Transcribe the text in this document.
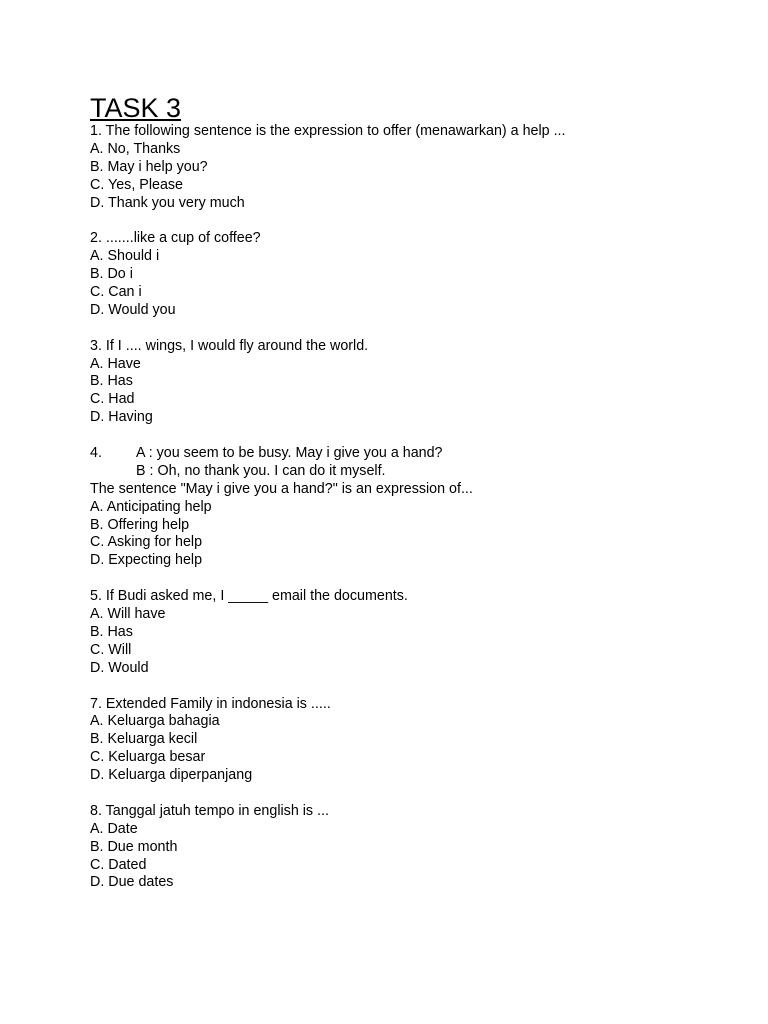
TASK 3

1. The following sentence is the expression to offer (menawarkan) a help ...

A. No, Thanks

B. May i help you?

C. Yes, Please

D. Thank you very much

2. .......like a cup of coffee?

A. Should i

B. Do i

C. Can i

D. Would you

3. If I .... wings, I would fly around the world.

A. Have

B. Has

C. Had

D. Having

4.	A : you seem to be busy. May i give you a hand?

B : Oh, no thank you. I can do it myself.

The sentence "May i give you a hand?" is an expression of...

A. Anticipating help

B. Offering help

C. Asking for help

D. Expecting help

5. If Budi asked me, I _____ email the documents.

A. Will have

B. Has

C. Will

D. Would

7. Extended Family in indonesia is .....

A. Keluarga bahagia

B. Keluarga kecil

C. Keluarga besar

D. Keluarga diperpanjang

8. Tanggal jatuh tempo in english is ...

A. Date

B. Due month

C. Dated

D. Due dates
